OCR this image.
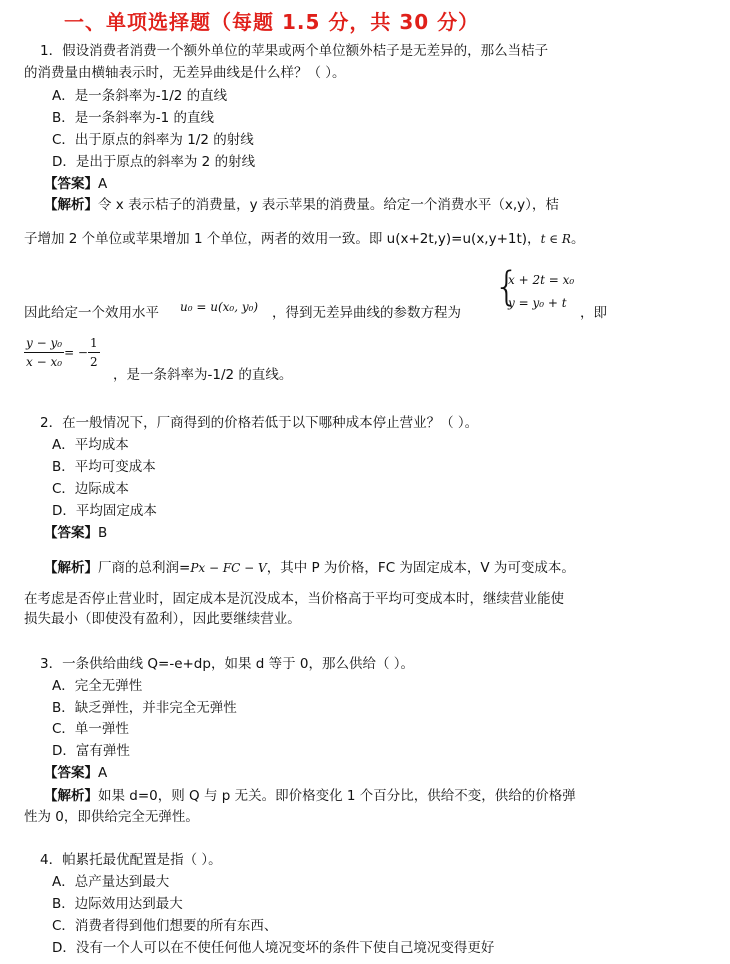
一、单项选择题（每题 1.5 分，共 30 分）
1．假设消费者消费一个额外单位的苹果或两个单位额外桔子是无差异的，那么当桔子
的消费量由横轴表示时，无差异曲线是什么样？（ ）。
A．是一条斜率为-1/2 的直线
B．是一条斜率为-1 的直线
C．出于原点的斜率为 1/2 的射线
D．是出于原点的斜率为 2 的射线
【答案】A
【解析】令 x 表示桔子的消费量，y 表示苹果的消费量。给定一个消费水平（x,y），桔
子增加 2 个单位或苹果增加 1 个单位，两者的效用一致。即 u(x+2t,y)=u(x,y+1t)，t ∈ R。
因此给定一个效用水平 u₀ = u(x₀, y₀) ，得到无差异曲线的参数方程为
{
x + 2t = x₀
y = y₀ + t
，即
$\frac{\text{y − y₀}}{\text{x − x₀}}$ = − $\frac{1}{2}$
，是一条斜率为-1/2 的直线。
2．在一般情况下，厂商得到的价格若低于以下哪种成本停止营业？（ ）。
A．平均成本
B．平均可变成本
C．边际成本
D．平均固定成本
【答案】B
【解析】厂商的总利润=Px − FC − V，其中 P 为价格，FC 为固定成本，V 为可变成本。
在考虑是否停止营业时，固定成本是沉没成本，当价格高于平均可变成本时，继续营业能使
损失最小（即使没有盈利），因此要继续营业。
3．一条供给曲线 Q=-e+dp，如果 d 等于 0，那么供给（ ）。
A．完全无弹性
B．缺乏弹性，并非完全无弹性
C．单一弹性
D．富有弹性
【答案】A
【解析】如果 d=0，则 Q 与 p 无关。即价格变化 1 个百分比，供给不变，供给的价格弹
性为 0，即供给完全无弹性。
4．帕累托最优配置是指（ ）。
A．总产量达到最大
B．边际效用达到最大
C．消费者得到他们想要的所有东西、
D．没有一个人可以在不使任何他人境况变坏的条件下使自己境况变得更好
